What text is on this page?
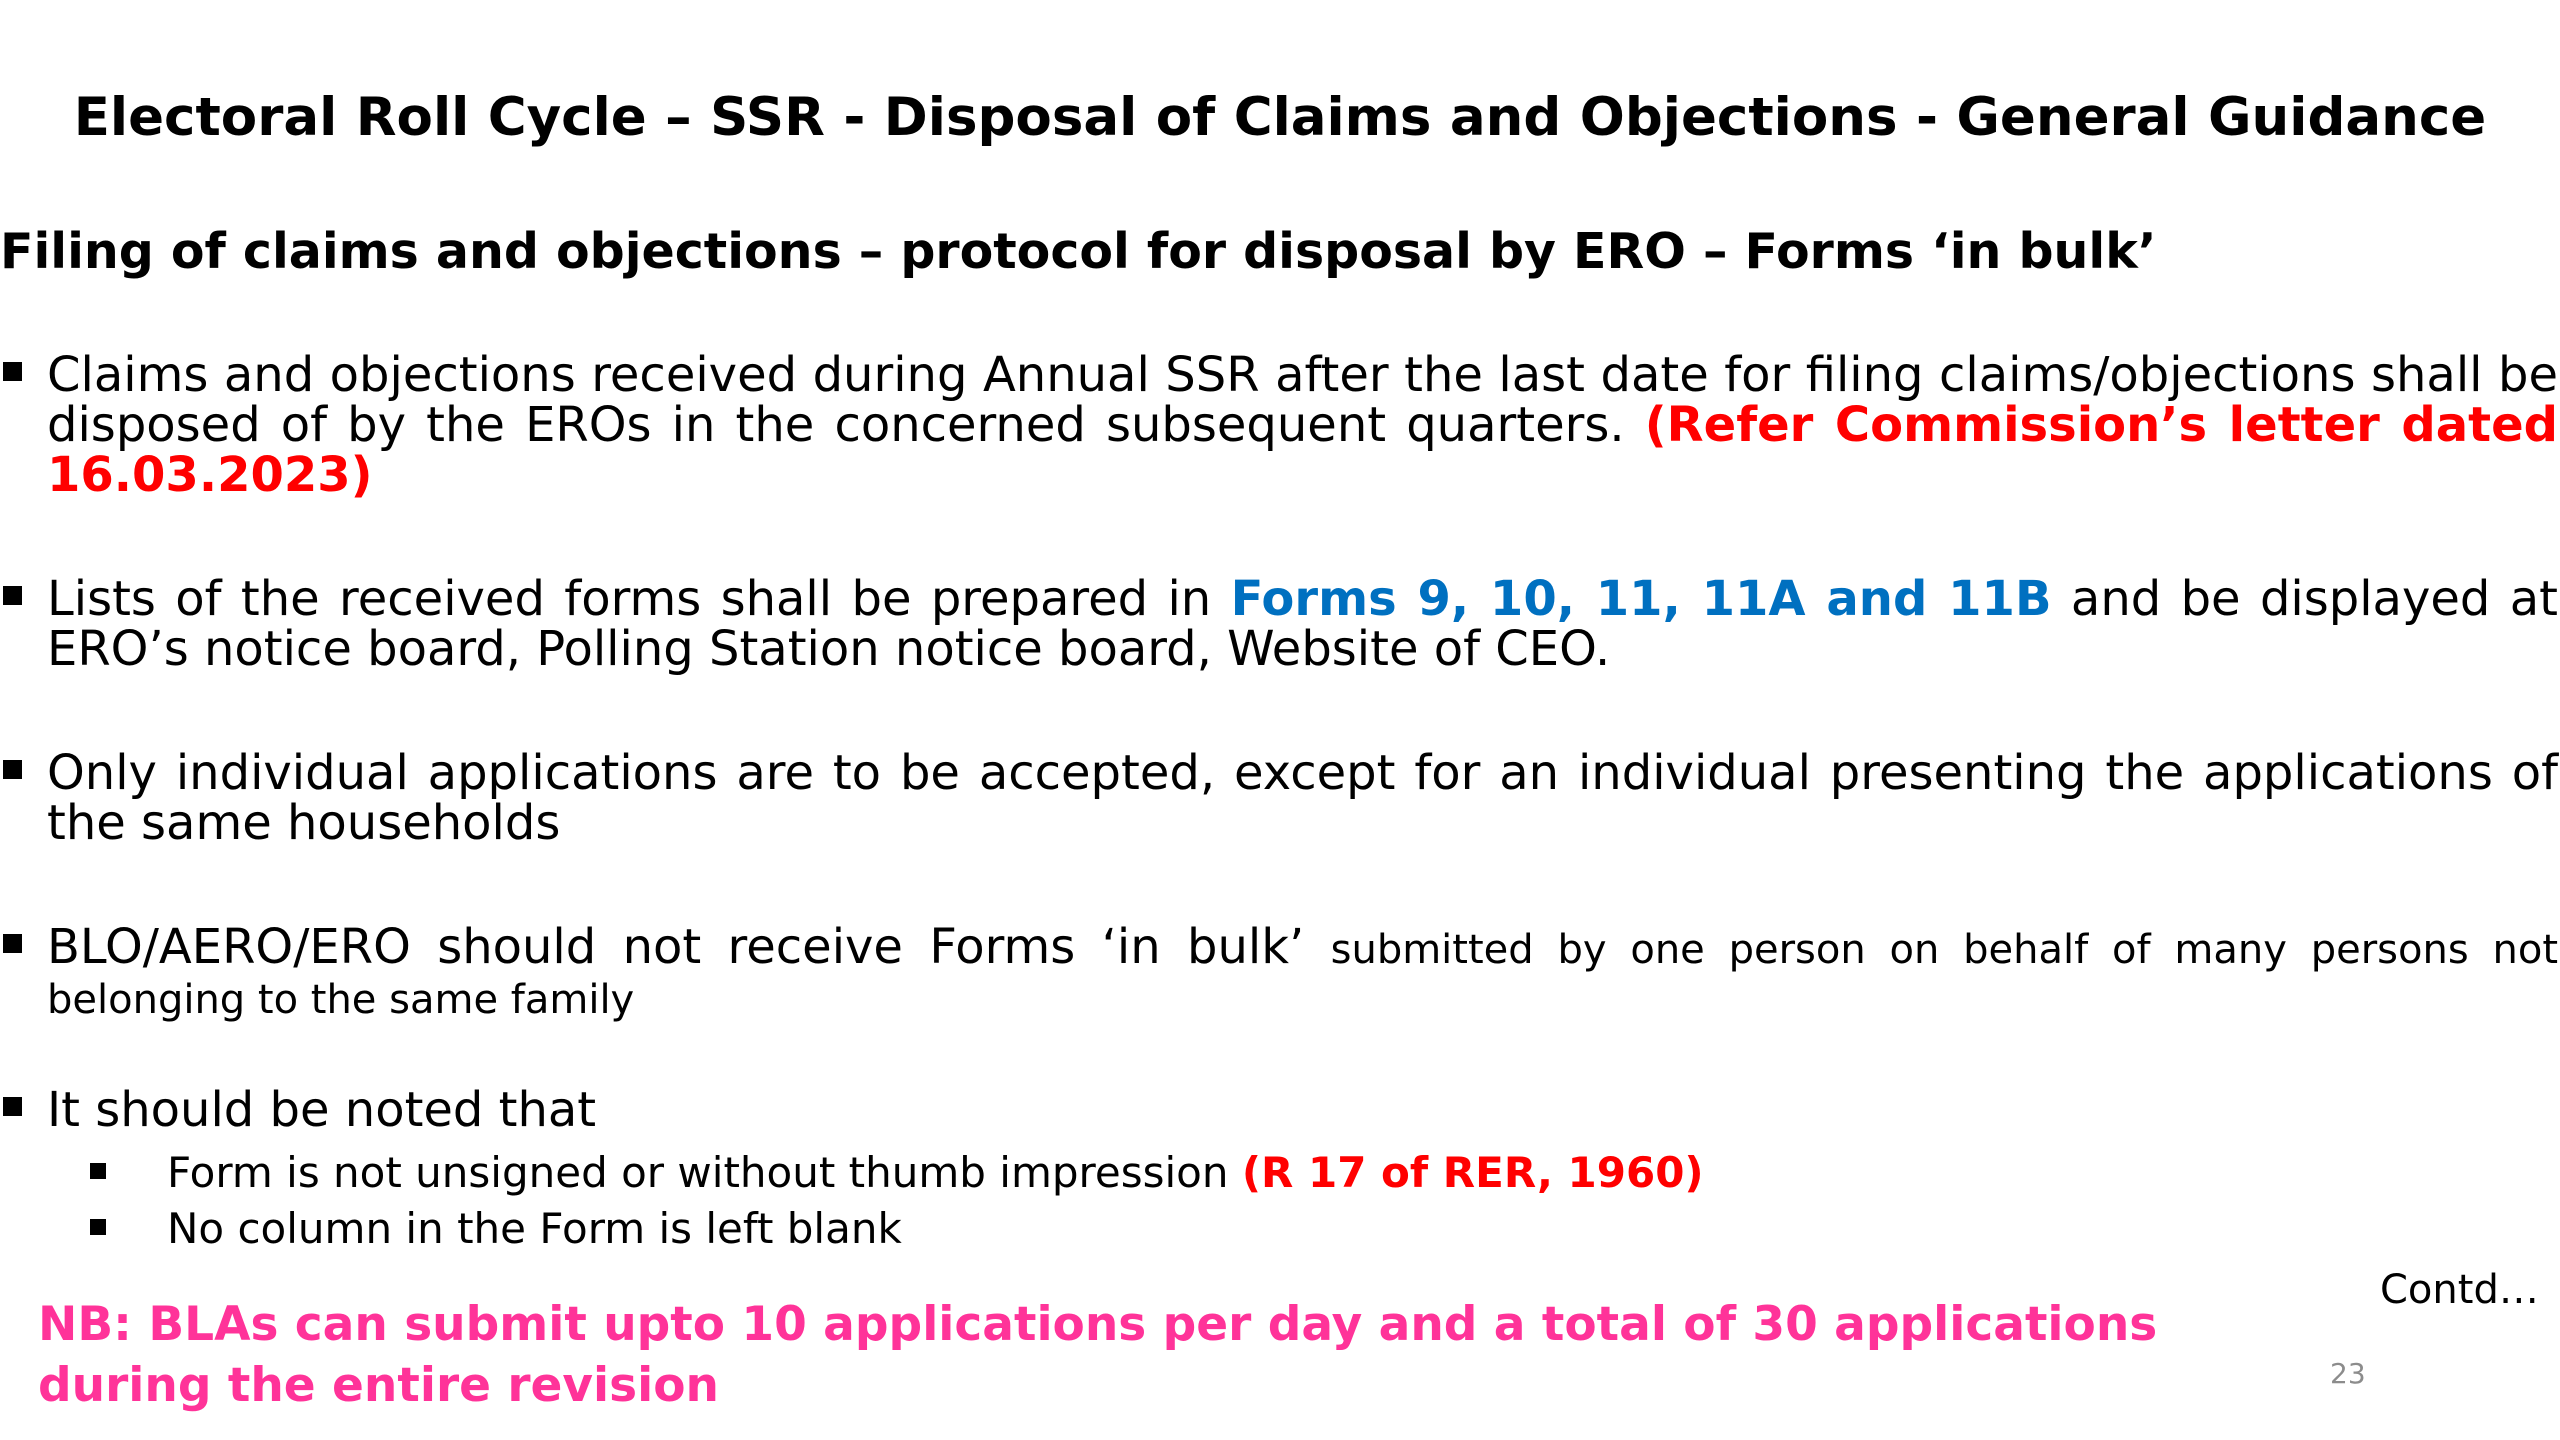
Electoral Roll Cycle – SSR - Disposal of Claims and Objections - General Guidance
Filing of claims and objections – protocol for disposal by ERO – Forms ‘in bulk’
Claims and objections received during Annual SSR after the last date for filing claims/objections shall be disposed of by the EROs in the concerned subsequent quarters. (Refer Commission’s letter dated 16.03.2023)
Lists of the received forms shall be prepared in Forms 9, 10, 11, 11A and 11B and be displayed at ERO’s notice board, Polling Station notice board, Website of CEO.
Only individual applications are to be accepted, except for an individual presenting the applications of the same households
BLO/AERO/ERO should not receive Forms ‘in bulk’ submitted by one person on behalf of many persons not belonging to the same family
It should be noted that
Form is not unsigned or without thumb impression (R 17 of RER, 1960)
No column in the Form is left blank
Contd…
NB: BLAs can submit upto 10 applications per day and a total of 30 applications during the entire revision	23
